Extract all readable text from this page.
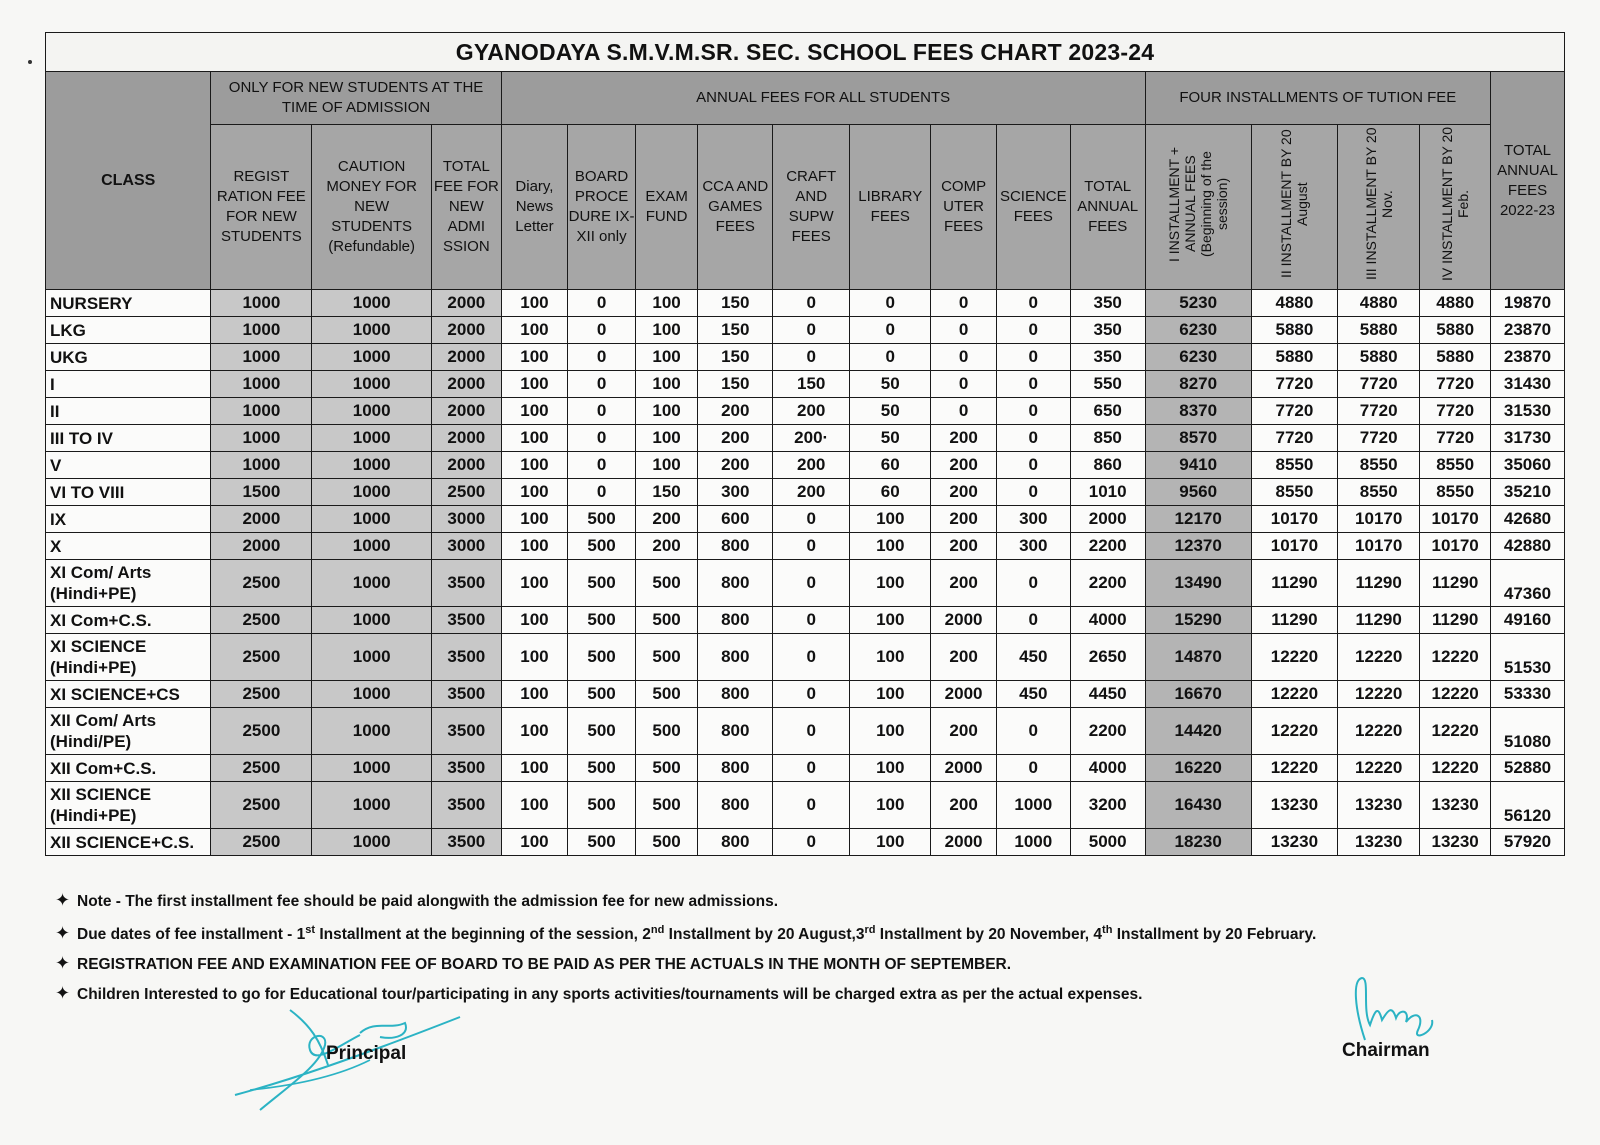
GYANODAYA S.M.V.M.SR. SEC. SCHOOL FEES CHART 2023-24																	
CLASS	ONLY FOR NEW STUDENTS AT THE TIME OF ADMISSION			ANNUAL FEES FOR ALL STUDENTS									FOUR INSTALLMENTS OF TUTION FEE				TOTAL ANNUAL FEES 2022-23
	REGIST RATION FEE FOR NEW STUDENTS	CAUTION MONEY FOR NEW STUDENTS (Refundable)	TOTAL FEE FOR NEW ADMI SSION	Diary, News Letter	BOARD PROCE DURE IX-XII only	EXAM FUND	CCA AND GAMES FEES	CRAFT AND SUPW FEES	LIBRARY FEES	COMP UTER FEES	SCIENCE FEES	TOTAL ANNUAL FEES	I INSTALLMENT + ANNUAL FEES (Beginning of the session)	II INSTALLMENT BY 20 August	III INSTALLMENT BY 20 Nov.	IV INSTALLMENT BY 20 Feb.	
NURSERY	1000	1000	2000	100	0	100	150	0	0	0	0	350	5230	4880	4880	4880	19870
LKG	1000	1000	2000	100	0	100	150	0	0	0	0	350	6230	5880	5880	5880	23870
UKG	1000	1000	2000	100	0	100	150	0	0	0	0	350	6230	5880	5880	5880	23870
I	1000	1000	2000	100	0	100	150	150	50	0	0	550	8270	7720	7720	7720	31430
II	1000	1000	2000	100	0	100	200	200	50	0	0	650	8370	7720	7720	7720	31530
III TO IV	1000	1000	2000	100	0	100	200	200·	50	200	0	850	8570	7720	7720	7720	31730
V	1000	1000	2000	100	0	100	200	200	60	200	0	860	9410	8550	8550	8550	35060
VI TO VIII	1500	1000	2500	100	0	150	300	200	60	200	0	1010	9560	8550	8550	8550	35210
IX	2000	1000	3000	100	500	200	600	0	100	200	300	2000	12170	10170	10170	10170	42680
X	2000	1000	3000	100	500	200	800	0	100	200	300	2200	12370	10170	10170	10170	42880
XI Com/ Arts (Hindi+PE)	2500	1000	3500	100	500	500	800	0	100	200	0	2200	13490	11290	11290	11290	47360
XI Com+C.S.	2500	1000	3500	100	500	500	800	0	100	2000	0	4000	15290	11290	11290	11290	49160
XI SCIENCE (Hindi+PE)	2500	1000	3500	100	500	500	800	0	100	200	450	2650	14870	12220	12220	12220	51530
XI SCIENCE+CS	2500	1000	3500	100	500	500	800	0	100	2000	450	4450	16670	12220	12220	12220	53330
XII Com/ Arts (Hindi/PE)	2500	1000	3500	100	500	500	800	0	100	200	0	2200	14420	12220	12220	12220	51080
XII Com+C.S.	2500	1000	3500	100	500	500	800	0	100	2000	0	4000	16220	12220	12220	12220	52880
XII SCIENCE (Hindi+PE)	2500	1000	3500	100	500	500	800	0	100	200	1000	3200	16430	13230	13230	13230	56120
XII SCIENCE+C.S.	2500	1000	3500	100	500	500	800	0	100	2000	1000	5000	18230	13230	13230	13230	57920
✦ Note - The first installment fee should be paid alongwith the admission fee for new admissions.
✦ Due dates of fee installment - 1st Installment at the beginning of the session, 2nd Installment by 20 August,3rd Installment by 20 November, 4th Installment by 20 February.
✦ REGISTRATION FEE AND EXAMINATION FEE OF BOARD TO BE PAID AS PER THE ACTUALS IN THE MONTH OF SEPTEMBER.
✦ Children Interested to go for Educational tour/participating in any sports activities/tournaments will be charged extra as per the actual expenses.
Principal	Chairman
